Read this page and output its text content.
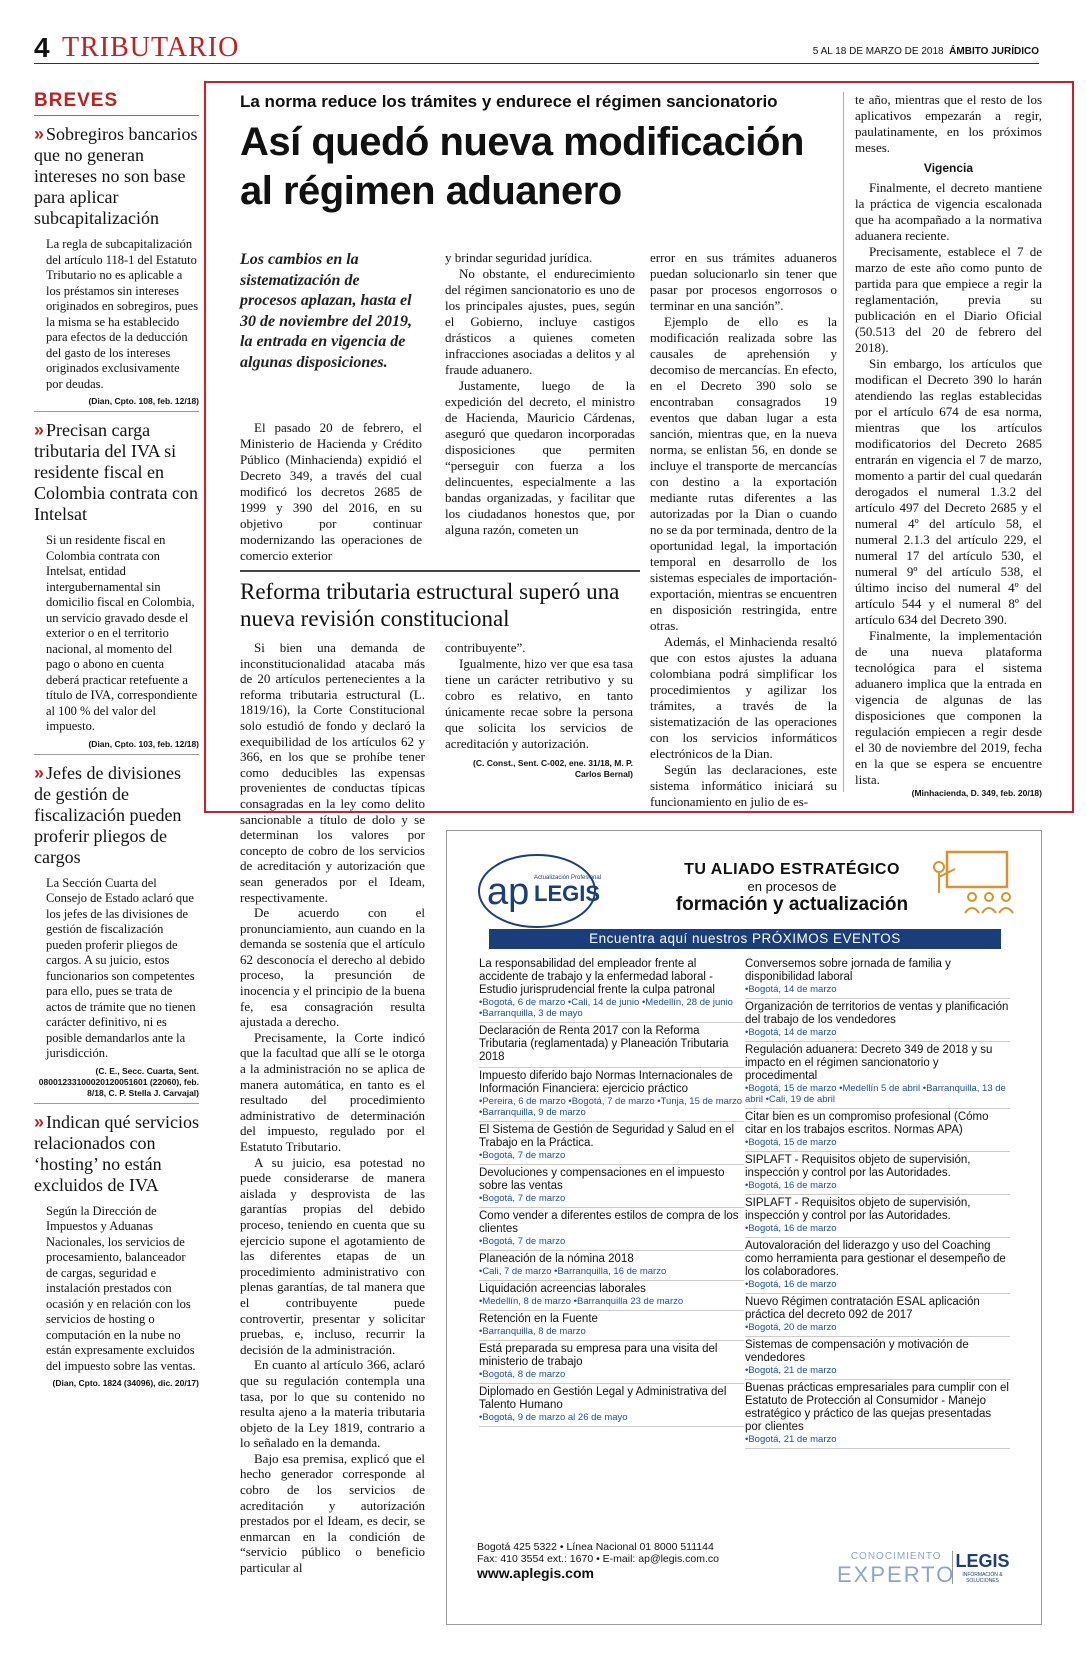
4 TRIBUTARIO	5 AL 18 DE MARZO DE 2018 ÁMBITO JURÍDICO
BREVES
» Sobregiros bancarios que no generan intereses no son base para aplicar subcapitalización

La regla de subcapitalización del artículo 118-1 del Estatuto Tributario no es aplicable a los préstamos sin intereses originados en sobregiros, pues la misma se ha establecido para efectos de la deducción del gasto de los intereses originados exclusivamente por deudas.

(Dian, Cpto. 108, feb. 12/18)
» Precisan carga tributaria del IVA si residente fiscal en Colombia contrata con Intelsat

Si un residente fiscal en Colombia contrata con Intelsat, entidad intergubernamental sin domicilio fiscal en Colombia, un servicio gravado desde el exterior o en el territorio nacional, al momento del pago o abono en cuenta deberá practicar retefuente a título de IVA, correspondiente al 100 % del valor del impuesto.

(Dian, Cpto. 103, feb. 12/18)
» Jefes de divisiones de gestión de fiscalización pueden proferir pliegos de cargos

La Sección Cuarta del Consejo de Estado aclaró que los jefes de las divisiones de gestión de fiscalización pueden proferir pliegos de cargos. A su juicio, estos funcionarios son competentes para ello, pues se trata de actos de trámite que no tienen carácter definitivo, ni es posible demandarlos ante la jurisdicción.

(C. E., Secc. Cuarta, Sent. 08001233100020120051601 (22060), feb. 8/18, C. P. Stella J. Carvajal)
» Indican qué servicios relacionados con ‘hosting’ no están excluidos de IVA

Según la Dirección de Impuestos y Aduanas Nacionales, los servicios de procesamiento, balanceador de cargas, seguridad e instalación prestados con ocasión y en relación con los servicios de hosting o computación en la nube no están expresamente excluidos del impuesto sobre las ventas.

(Dian, Cpto. 1824 (34096), dic. 20/17)
La norma reduce los trámites y endurece el régimen sancionatorio
Así quedó nueva modificación al régimen aduanero
Los cambios en la sistematización de procesos aplazan, hasta el 30 de noviembre del 2019, la entrada en vigencia de algunas disposiciones.

El pasado 20 de febrero, el Ministerio de Hacienda y Crédito Público (Minhacienda) expidió el Decreto 349, a través del cual modificó los decretos 2685 de 1999 y 390 del 2016, en su objetivo por continuar modernizando las operaciones de comercio exterior

y brindar seguridad jurídica.

No obstante, el endurecimiento del régimen sancionatorio es uno de los principales ajustes, pues, según el Gobierno, incluye castigos drásticos a quienes cometen infracciones asociadas a delitos y al fraude aduanero.

Justamente, luego de la expedición del decreto, el ministro de Hacienda, Mauricio Cárdenas, aseguró que quedaron incorporadas disposiciones que permiten “perseguir con fuerza a los delincuentes, especialmente a las bandas organizadas, y facilitar que los ciudadanos honestos que, por alguna razón, cometen un

error en sus trámites aduaneros puedan solucionarlo sin tener que pasar por procesos engorrosos o terminar en una sanción”.

Ejemplo de ello es la modificación realizada sobre las causales de aprehensión y decomiso de mercancías. En efecto, en el Decreto 390 solo se encontraban consagrados 19 eventos que daban lugar a esta sanción, mientras que, en la nueva norma, se enlistan 56, en donde se incluye el transporte de mercancías con destino a la exportación mediante rutas diferentes a las autorizadas por la Dian o cuando no se da por terminada, dentro de la oportunidad legal, la importación temporal en desarrollo de los sistemas especiales de importación-exportación, mientras se encuentren en disposición restringida, entre otras.

Además, el Minhacienda resaltó que con estos ajustes la aduana colombiana podrá simplificar los procedimientos y agilizar los trámites, a través de la sistematización de las operaciones con los servicios informáticos electrónicos de la Dian.

Según las declaraciones, este sistema informático iniciará su funcionamiento en julio de es-

te año, mientras que el resto de los aplicativos empezarán a regir, paulatinamente, en los próximos meses.

Vigencia

Finalmente, el decreto mantiene la práctica de vigencia escalonada que ha acompañado a la normativa aduanera reciente.

Precisamente, establece el 7 de marzo de este año como punto de partida para que empiece a regir la reglamentación, previa su publicación en el Diario Oficial (50.513 del 20 de febrero del 2018).

Sin embargo, los artículos que modifican el Decreto 390 lo harán atendiendo las reglas establecidas por el artículo 674 de esa norma, mientras que los artículos modificatorios del Decreto 2685 entrarán en vigencia el 7 de marzo, momento a partir del cual quedarán derogados el numeral 1.3.2 del artículo 497 del Decreto 2685 y el numeral 4º del artículo 58, el numeral 2.1.3 del artículo 229, el numeral 17 del artículo 530, el numeral 9º del artículo 538, el último inciso del numeral 4º del artículo 544 y el numeral 8º del artículo 634 del Decreto 390.

Finalmente, la implementación de una nueva plataforma tecnológica para el sistema aduanero implica que la entrada en vigencia de algunas de las disposiciones que componen la regulación empiecen a regir desde el 30 de noviembre del 2019, fecha en la que se espera se encuentre lista.

(Minhacienda, D. 349, feb. 20/18)
Reforma tributaria estructural superó una nueva revisión constitucional

Si bien una demanda de inconstitucionalidad atacaba más de 20 artículos pertenecientes a la reforma tributaria estructural (L. 1819/16), la Corte Constitucional solo estudió de fondo y declaró la exequibilidad de los artículos 62 y 366, en los que se prohíbe tener como deducibles las expensas provenientes de conductas típicas consagradas en la ley como delito sancionable a título de dolo y se determinan los valores por concepto de cobro de los servicios de acreditación y autorización que sean generados por el Ideam, respectivamente.

De acuerdo con el pronunciamiento, aun cuando en la demanda se sostenía que el artículo 62 desconocía el derecho al debido proceso, la presunción de inocencia y el principio de la buena fe, esa consagración resulta ajustada a derecho.

Precisamente, la Corte indicó que la facultad que allí se le otorga a la administración no se aplica de manera automática, en tanto es el resultado del procedimiento administrativo de determinación del impuesto, regulado por el Estatuto Tributario.

A su juicio, esa potestad no puede considerarse de manera aislada y desprovista de las garantías propias del debido proceso, teniendo en cuenta que su ejercicio supone el agotamiento de las diferentes etapas de un procedimiento administrativo con plenas garantías, de tal manera que el contribuyente puede controvertir, presentar y solicitar pruebas, e, incluso, recurrir la decisión de la administración.

En cuanto al artículo 366, aclaró que su regulación contempla una tasa, por lo que su contenido no resulta ajeno a la materia tributaria objeto de la Ley 1819, contrario a lo señalado en la demanda.

Bajo esa premisa, explicó que el hecho generador corresponde al cobro de los servicios de acreditación y autorización prestados por el Ideam, es decir, se enmarcan en la condición de “servicio público o beneficio particular al

contribuyente”.

Igualmente, hizo ver que esa tasa tiene un carácter retributivo y su cobro es relativo, en tanto únicamente recae sobre la persona que solicita los servicios de acreditación y autorización.

(C. Const., Sent. C-002, ene. 31/18, M. P. Carlos Bernal)
ap Actualización Profesional
LEGIS
TU ALIADO ESTRATÉGICO
en procesos de
formación y actualización
Encuentra aquí nuestros PRÓXIMOS EVENTOS
La responsabilidad del empleador frente al accidente de trabajo y la enfermedad laboral - Estudio jurisprudencial frente la culpa patronal
•Bogotá, 6 de marzo •Cali, 14 de junio •Medellín, 28 de junio •Barranquilla, 3 de mayo
Declaración de Renta 2017 con la Reforma Tributaria (reglamentada) y Planeación Tributaria 2018
Impuesto diferido bajo Normas Internacionales de Información Financiera: ejercicio práctico
•Pereira, 6 de marzo •Bogotá, 7 de marzo •Tunja, 15 de marzo •Barranquilla, 9 de marzo
El Sistema de Gestión de Seguridad y Salud en el Trabajo en la Práctica.
•Bogotá, 7 de marzo
Devoluciones y compensaciones en el impuesto sobre las ventas
•Bogotá, 7 de marzo
Como vender a diferentes estilos de compra de los clientes
•Bogotá, 7 de marzo
Planeación de la nómina 2018
•Cali, 7 de marzo •Barranquilla, 16 de marzo
Liquidación acreencias laborales
•Medellín, 8 de marzo •Barranquilla 23 de marzo
Retención en la Fuente
•Barranquilla, 8 de marzo
Está preparada su empresa para una visita del ministerio de trabajo
•Bogotá, 8 de marzo
Diplomado en Gestión Legal y Administrativa del Talento Humano
•Bogotá, 9 de marzo al 26 de mayo
Conversemos sobre jornada de familia y disponibilidad laboral
•Bogotá, 14 de marzo
Organización de territorios de ventas y planificación del trabajo de los vendedores
•Bogotá, 14 de marzo
Regulación aduanera: Decreto 349 de 2018 y su impacto en el régimen sancionatorio y procedimental
•Bogotá, 15 de marzo •Medellín 5 de abril •Barranquilla, 13 de abril •Cali, 19 de abril
Citar bien es un compromiso profesional (Cómo citar en los trabajos escritos. Normas APA)
•Bogotá, 15 de marzo
SIPLAFT - Requisitos objeto de supervisión, inspección y control por las Autoridades.
•Bogotá, 16 de marzo
SIPLAFT - Requisitos objeto de supervisión, inspección y control por las Autoridades.
•Bogotá, 16 de marzo
Autovaloración del liderazgo y uso del Coaching como herramienta para gestionar el desempeño de los colaboradores.
•Bogotá, 16 de marzo
Nuevo Régimen contratación ESAL aplicación práctica del decreto 092 de 2017
•Bogotá, 20 de marzo
Sistemas de compensación y motivación de vendedores
•Bogotá, 21 de marzo
Buenas prácticas empresariales para cumplir con el Estatuto de Protección al Consumidor - Manejo estratégico y práctico de las quejas presentadas por clientes
•Bogotá, 21 de marzo
Bogotá 425 5322 • Línea Nacional 01 8000 511144
Fax: 410 3554 ext.: 1670 • E-mail: ap@legis.com.co
www.aplegis.com
CONOCIMIENTO
EXPERTO
LEGIS
INFORMACIÓN & SOLUCIONES
